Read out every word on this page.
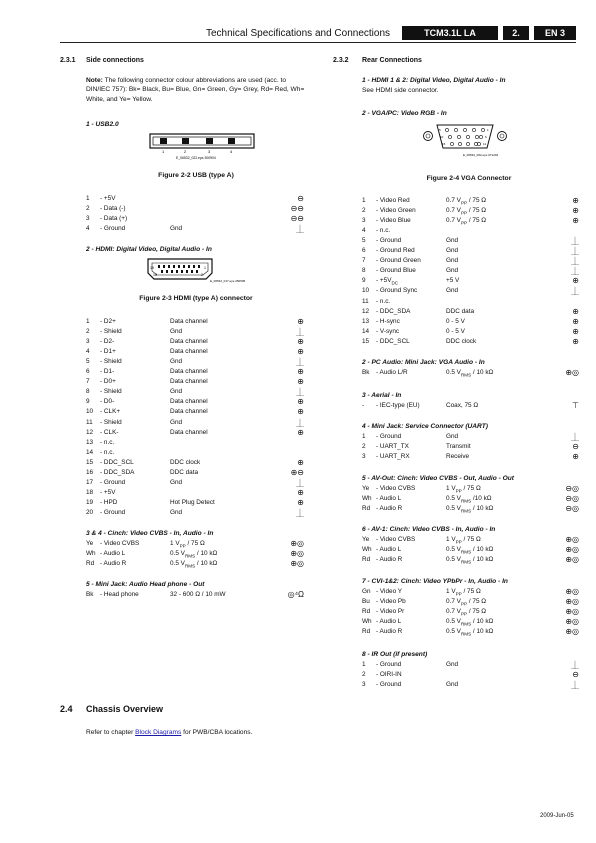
Technical Specifications and Connections	TCM3.1L LA	2.	EN 3
2.3.1 Side connections
Note: The following connector colour abbreviations are used (acc. to DIN/IEC 757): Bk= Black, Bu= Blue, Gn= Green, Gy= Grey, Rd= Red, Wh= White, and Ye= Yellow.
1 - USB2.0
1	2	3	4
E_06532_022.eps 300904
Figure 2-2 USB (type A)
1 - +5V	⊖
2 - Data (-)	⊖⊖
3 - Data (+)	⊖⊖
4 - Ground	Gnd	⏊
2 - HDMI: Digital Video, Digital Audio - In
19	1
18	2
E_06532_017.eps 250505
Figure 2-3 HDMI (type A) connector
1 - D2+	Data channel	⊕
2 - Shield	Gnd	⏊
3 - D2-	Data channel	⊕
4 - D1+	Data channel	⊕
5 - Shield	Gnd	⏊
6 - D1-	Data channel	⊕
7 - D0+	Data channel	⊕
8 - Shield	Gnd	⏊
9 - D0-	Data channel	⊕
10 - CLK+	Data channel	⊕
11 - Shield	Gnd	⏊
12 - CLK-	Data channel	⊕
13 - n.c.
14 - n.c.
15 - DDC_SCL	DDC clock	⊕
16 - DDC_SDA	DDC data	⊕⊖
17 - Ground	Gnd	⏊
18 - +5V	⊕
19 - HPD	Hot Plug Detect	⊕
20 - Ground	Gnd	⏊
3 & 4 - Cinch: Video CVBS - In, Audio - In
Ye - Video CVBS	1 $V_{PP} / 75$ Ω	⊕◎
Wh - Audio L	0.5 $V_{RMS} / 10$ kΩ	⊕◎
Rd - Audio R	0.5 $V_{RMS} / 10$ kΩ	⊕◎
5 - Mini Jack: Audio Head phone - Out
Bk - Head phone	32 - 600 Ω / 10 mW	◎⁴Ω
2.3.2 Rear Connections
1 - HDMI 1 & 2: Digital Video, Digital Audio - In
See HDMI side connector.
2 - VGA/PC: Video RGB - In
5	1
10	6
15	11
E_06532_002.eps 071204
Figure 2-4 VGA Connector
1 - Video Red	0.7 $V_{PP} / 75$ Ω	⊕
2 - Video Green	0.7 $V_{PP} / 75$ Ω	⊕
3 - Video Blue	0.7 $V_{PP} / 75$ Ω	⊕
4 - n.c.
5 - Ground	Gnd	⏊
6 - Ground Red	Gnd	⏊
7 - Ground Green	Gnd	⏊
8 - Ground Blue	Gnd	⏊
$9 - +5V_{DC}$	+5 V	⊕
10 - Ground Sync	Gnd	⏊
11 - n.c.
12 - DDC_SDA	DDC data	⊕
13 - H-sync	0 - 5 V	⊕
14 - V-sync	0 - 5 V	⊕
15 - DDC_SCL	DDC clock	⊕
2 - PC Audio: Mini Jack: VGA Audio - In
Bk - Audio L/R	0.5 $V_{RMS} / 10$ kΩ	⊕◎
3 - Aerial - In
- - IEC-type (EU)	Coax, 75 Ω	⊤
4 - Mini Jack: Service Connector (UART)
1 - Ground	Gnd	⏊
2 - UART_TX	Transmit	⊖
3 - UART_RX	Receive	⊕
5 - AV-Out: Cinch: Video CVBS - Out, Audio - Out
Ye - Video CVBS	1 $V_{PP} / 75$ Ω	⊖◎
Wh - Audio L	0.5 $V_{RMS}$ /10 kΩ	⊖◎
Rd - Audio R	0.5 $V_{RMS} / 10$ kΩ	⊖◎
6 - AV-1: Cinch: Video CVBS - In, Audio - In
Ye - Video CVBS	1 $V_{PP} / 75$ Ω	⊕◎
Wh - Audio L	0.5 $V_{RMS} / 10$ kΩ	⊕◎
Rd - Audio R	0.5 $V_{RMS} / 10$ kΩ	⊕◎
7 - CVI-1&2: Cinch: Video YPbPr - In, Audio - In
Gn - Video Y	1 $V_{PP} / 75$ Ω	⊕◎
Bu - Video Pb	0.7 $V_{PP} / 75$ Ω	⊕◎
Rd - Video Pr	0.7 $V_{PP} / 75$ Ω	⊕◎
Wh - Audio L	0.5 $V_{RMS} / 10$ kΩ	⊕◎
Rd - Audio R	0.5 $V_{RMS} / 10$ kΩ	⊕◎
8 - IR Out (if present)
1 - Ground	Gnd	⏊
2 - OIRI-IN	⊖
3 - Ground	Gnd	⏊
2.4 Chassis Overview
Refer to chapter Block Diagrams for PWB/CBA locations.
2009-Jun-05
